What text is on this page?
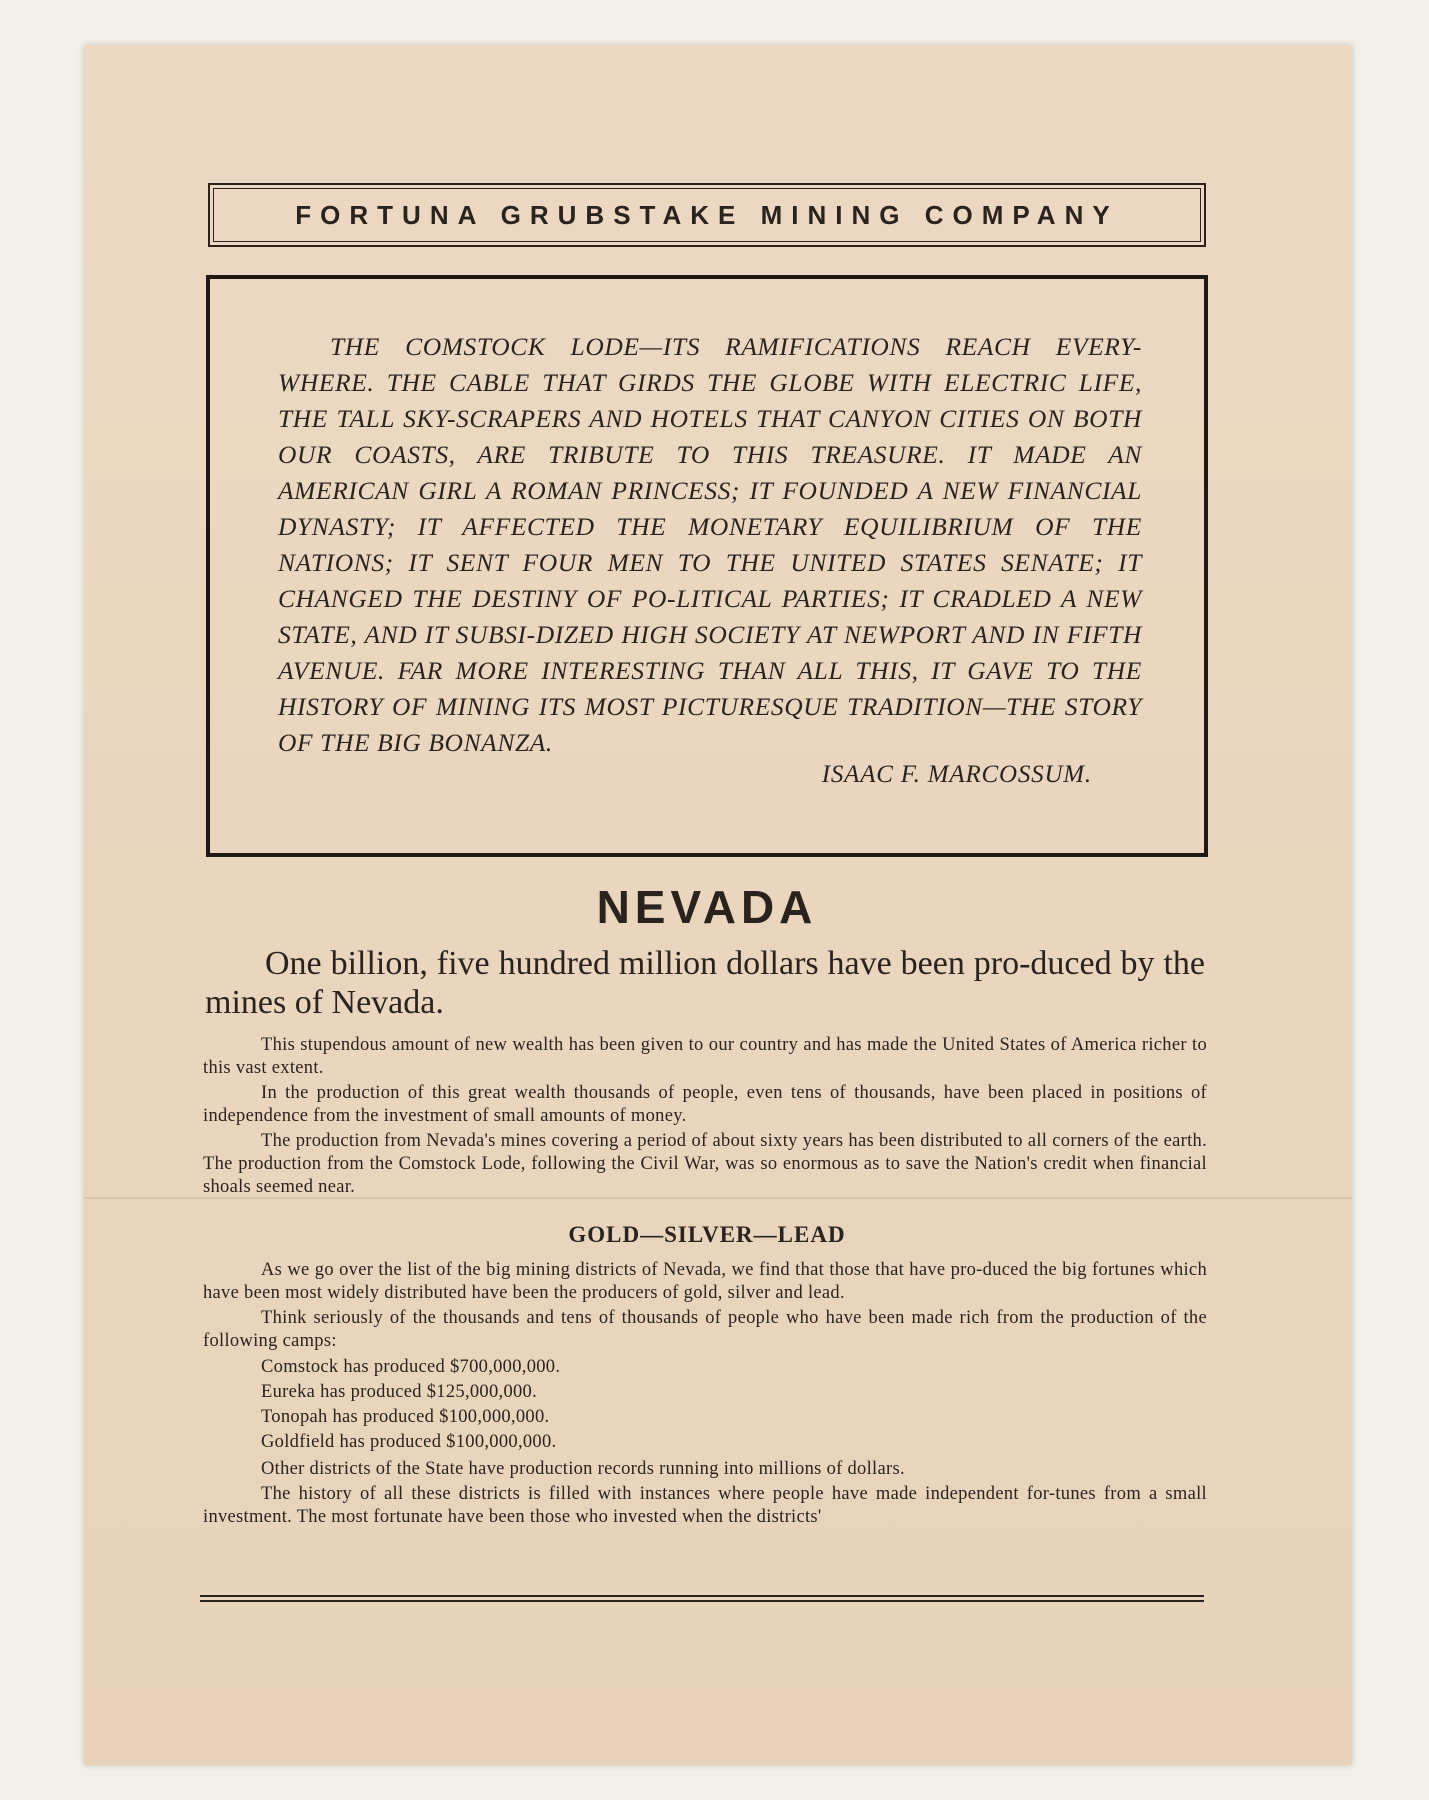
FORTUNA GRUBSTAKE MINING COMPANY

THE COMSTOCK LODE—ITS RAMIFICATIONS REACH EVERY-WHERE. THE CABLE THAT GIRDS THE GLOBE WITH ELECTRIC LIFE, THE TALL SKY-SCRAPERS AND HOTELS THAT CANYON CITIES ON BOTH OUR COASTS, ARE TRIBUTE TO THIS TREASURE. IT MADE AN AMERICAN GIRL A ROMAN PRINCESS; IT FOUNDED A NEW FINANCIAL DYNASTY; IT AFFECTED THE MONETARY EQUILIBRIUM OF THE NATIONS; IT SENT FOUR MEN TO THE UNITED STATES SENATE; IT CHANGED THE DESTINY OF PO-LITICAL PARTIES; IT CRADLED A NEW STATE, AND IT SUBSI-DIZED HIGH SOCIETY AT NEWPORT AND IN FIFTH AVENUE. FAR MORE INTERESTING THAN ALL THIS, IT GAVE TO THE HISTORY OF MINING ITS MOST PICTURESQUE TRADITION—THE STORY OF THE BIG BONANZA.

ISAAC F. MARCOSSUM.

NEVADA

One billion, five hundred million dollars have been pro-duced by the mines of Nevada.

This stupendous amount of new wealth has been given to our country and has made the United States of America richer to this vast extent.

In the production of this great wealth thousands of people, even tens of thousands, have been placed in positions of independence from the investment of small amounts of money.

The production from Nevada's mines covering a period of about sixty years has been distributed to all corners of the earth. The production from the Comstock Lode, following the Civil War, was so enormous as to save the Nation's credit when financial shoals seemed near.

GOLD—SILVER—LEAD

As we go over the list of the big mining districts of Nevada, we find that those that have pro-duced the big fortunes which have been most widely distributed have been the producers of gold, silver and lead.

Think seriously of the thousands and tens of thousands of people who have been made rich from the production of the following camps:

Comstock has produced $700,000,000.
Eureka has produced $125,000,000.
Tonopah has produced $100,000,000.
Goldfield has produced $100,000,000.

Other districts of the State have production records running into millions of dollars.

The history of all these districts is filled with instances where people have made independent for-tunes from a small investment. The most fortunate have been those who invested when the districts'
